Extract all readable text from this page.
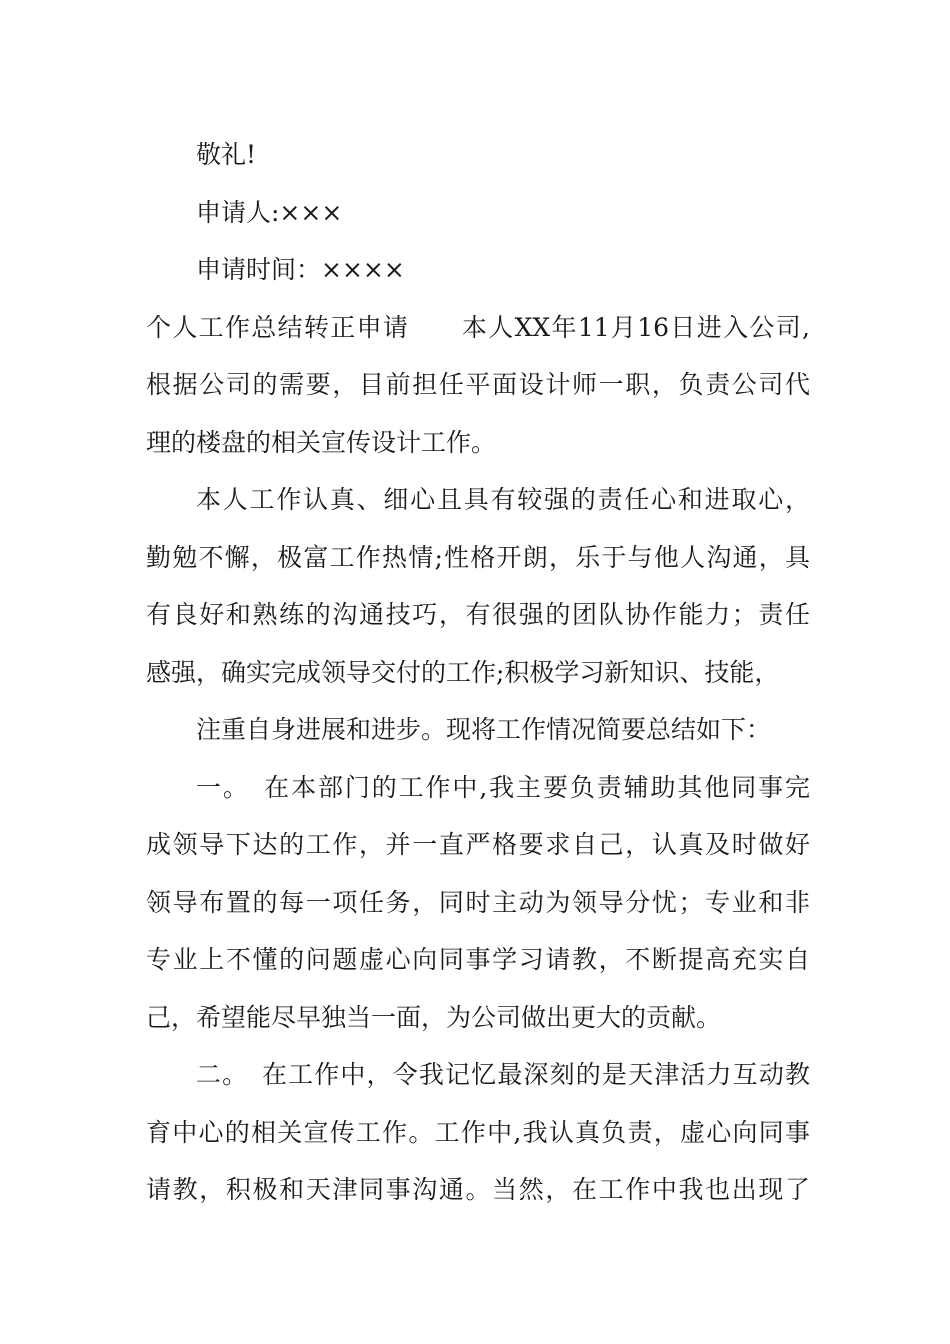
敬礼!
申请人:×××
申请时间：××××
个人工作总结转正申请　　本人XX年11月16日进入公司,
根据公司的需要，目前担任平面设计师一职，负责公司代
理的楼盘的相关宣传设计工作。
本人工作认真、细心且具有较强的责任心和进取心，
勤勉不懈，极富工作热情;性格开朗，乐于与他人沟通，具
有良好和熟练的沟通技巧，有很强的团队协作能力；责任
感强，确实完成领导交付的工作;积极学习新知识、技能，
注重自身进展和进步。现将工作情况简要总结如下：
一。 在本部门的工作中,我主要负责辅助其他同事完
成领导下达的工作，并一直严格要求自己，认真及时做好
领导布置的每一项任务，同时主动为领导分忧；专业和非
专业上不懂的问题虚心向同事学习请教，不断提高充实自
己，希望能尽早独当一面，为公司做出更大的贡献。
二。 在工作中，令我记忆最深刻的是天津活力互动教
育中心的相关宣传工作。工作中,我认真负责，虚心向同事
请教，积极和天津同事沟通。当然，在工作中我也出现了
